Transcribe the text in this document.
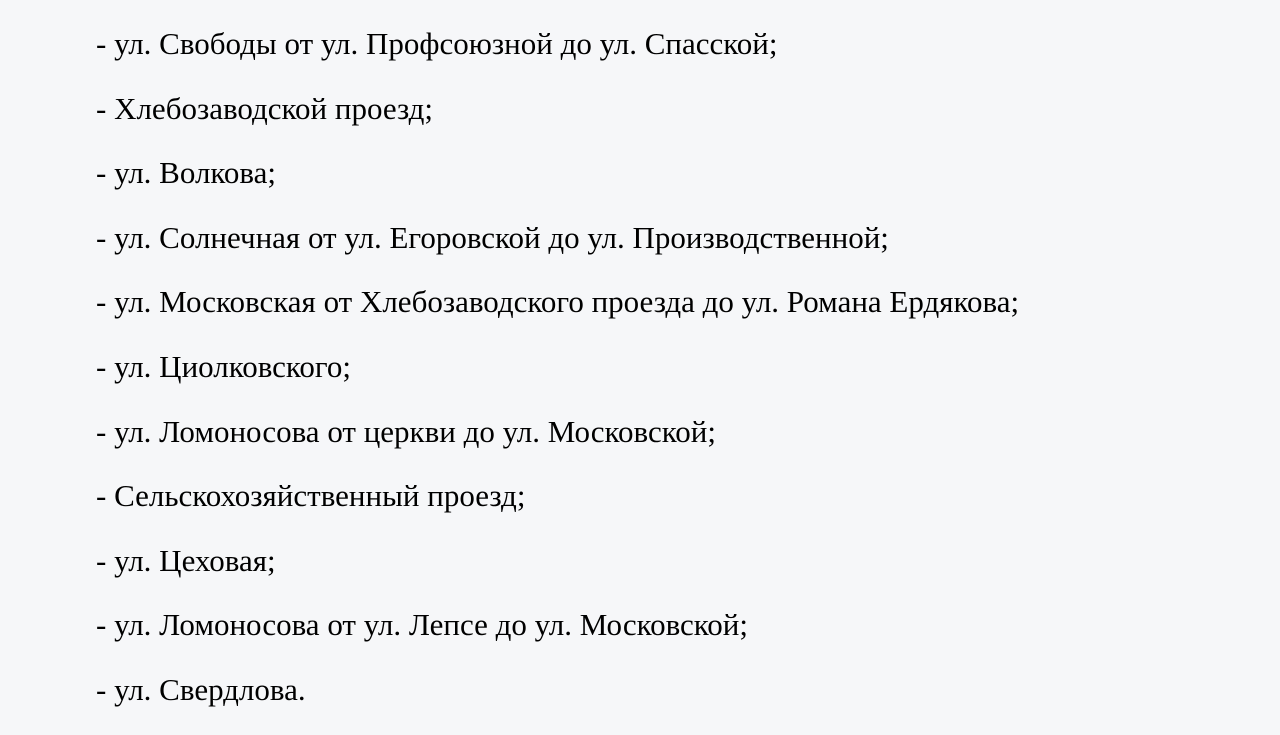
- ул. Свободы от ул. Профсоюзной до ул. Спасской;

- Хлебозаводской проезд;

- ул. Волкова;

- ул. Солнечная от ул. Егоровской до ул. Производственной;

- ул. Московская от Хлебозаводского проезда до ул. Романа Ердякова;

- ул. Циолковского;

- ул. Ломоносова от церкви до ул. Московской;

- Сельскохозяйственный проезд;

- ул. Цеховая;

- ул. Ломоносова от ул. Лепсе до ул. Московской;

- ул. Свердлова.
